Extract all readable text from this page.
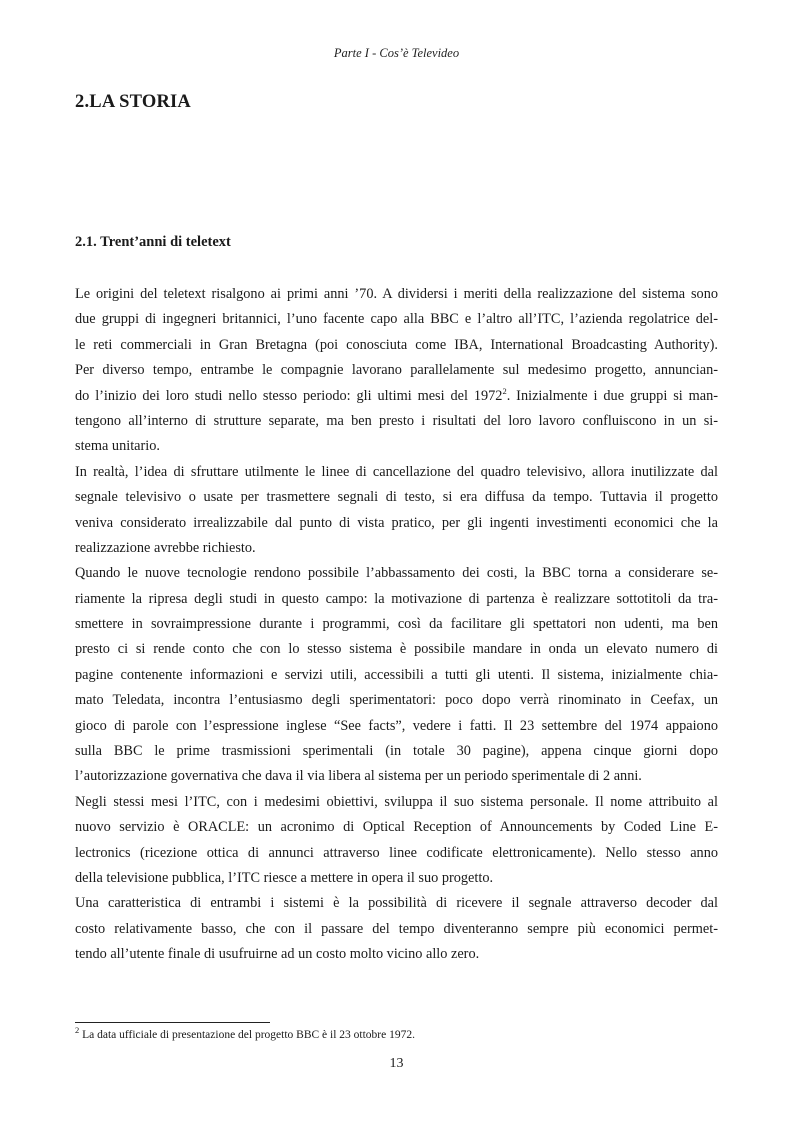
Parte I - Cos’è Televideo
2.LA STORIA
2.1. Trent’anni di teletext
Le origini del teletext risalgono ai primi anni ’70. A dividersi i meriti della realizzazione del sistema sono
due gruppi di ingegneri britannici, l’uno facente capo alla BBC e l’altro all’ITC, l’azienda regolatrice del-
le reti commerciali in Gran Bretagna (poi conosciuta come IBA, International Broadcasting Authority).
Per diverso tempo, entrambe le compagnie lavorano parallelamente sul medesimo progetto, annuncian-
do l’inizio dei loro studi nello stesso periodo: gli ultimi mesi del 1972$^2$. Inizialmente i due gruppi si man-
tengono all’interno di strutture separate, ma ben presto i risultati del loro lavoro confluiscono in un si-
stema unitario.
In realtà, l’idea di sfruttare utilmente le linee di cancellazione del quadro televisivo, allora inutilizzate dal
segnale televisivo o usate per trasmettere segnali di testo, si era diffusa da tempo. Tuttavia il progetto
veniva considerato irrealizzabile dal punto di vista pratico, per gli ingenti investimenti economici che la
realizzazione avrebbe richiesto.
Quando le nuove tecnologie rendono possibile l’abbassamento dei costi, la BBC torna a considerare se-
riamente la ripresa degli studi in questo campo: la motivazione di partenza è realizzare sottotitoli da tra-
smettere in sovraimpressione durante i programmi, così da facilitare gli spettatori non udenti, ma ben
presto ci si rende conto che con lo stesso sistema è possibile mandare in onda un elevato numero di
pagine contenente informazioni e servizi utili, accessibili a tutti gli utenti. Il sistema, inizialmente chia-
mato Teledata, incontra l’entusiasmo degli sperimentatori: poco dopo verrà rinominato in Ceefax, un
gioco di parole con l’espressione inglese “See facts”, vedere i fatti. Il 23 settembre del 1974 appaiono
sulla BBC le prime trasmissioni sperimentali (in totale 30 pagine), appena cinque giorni dopo
l’autorizzazione governativa che dava il via libera al sistema per un periodo sperimentale di 2 anni.
Negli stessi mesi l’ITC, con i medesimi obiettivi, sviluppa il suo sistema personale. Il nome attribuito al
nuovo servizio è ORACLE: un acronimo di Optical Reception of Announcements by Coded Line E-
lectronics (ricezione ottica di annunci attraverso linee codificate elettronicamente). Nello stesso anno
della televisione pubblica, l’ITC riesce a mettere in opera il suo progetto.
Una caratteristica di entrambi i sistemi è la possibilità di ricevere il segnale attraverso decoder dal
costo relativamente basso, che con il passare del tempo diventeranno sempre più economici permet-
tendo all’utente finale di usufruirne ad un costo molto vicino allo zero.
$^2$ La data ufficiale di presentazione del progetto BBC è il 23 ottobre 1972.
13
